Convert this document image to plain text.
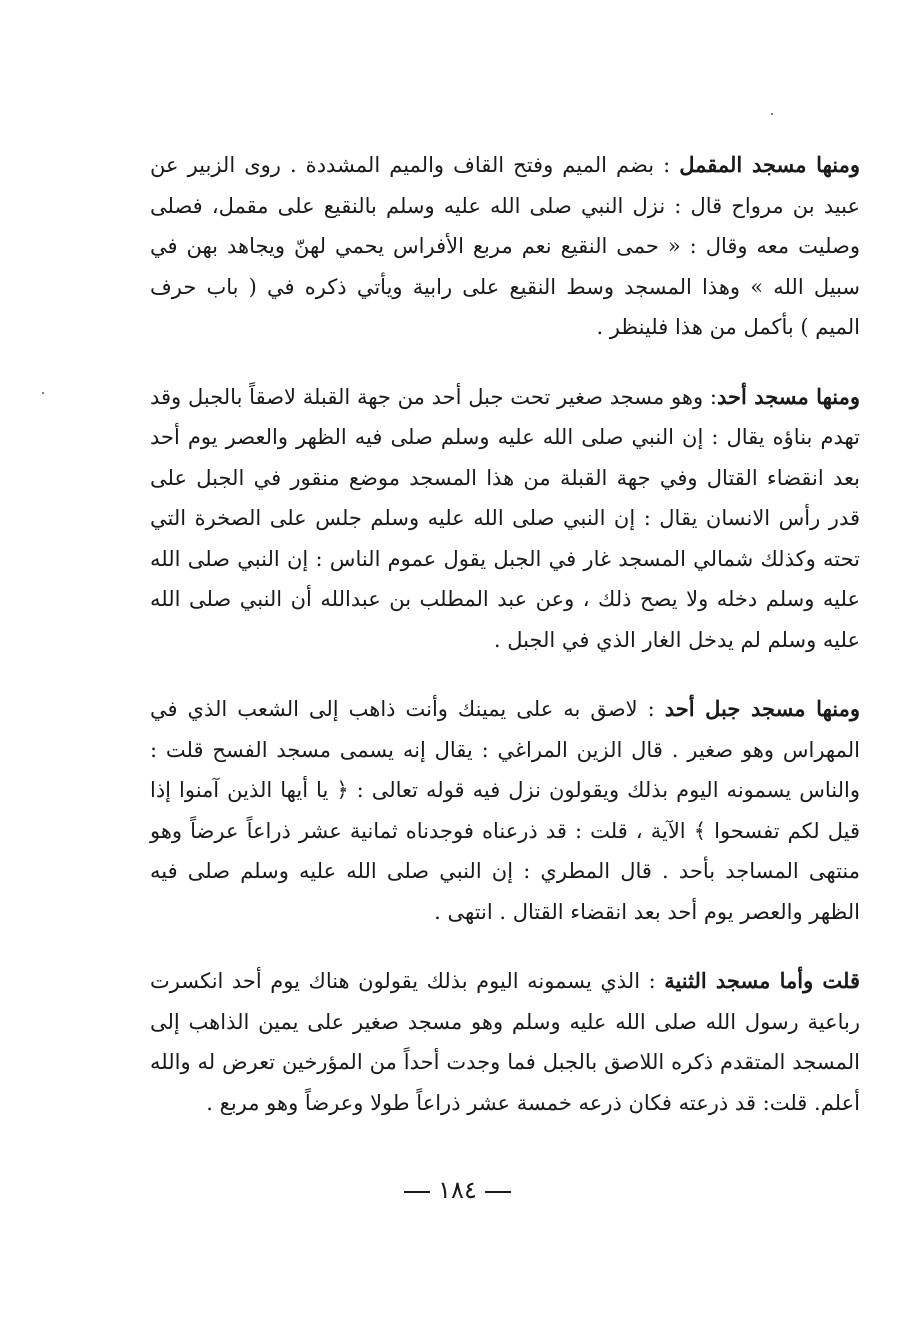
ومنها مسجد المقمل : بضم الميم وفتح القاف والميم المشددة . روى الزبير عن عبيد بن مرواح قال : نزل النبي صلى الله عليه وسلم بالنقيع على مقمل، فصلى وصليت معه وقال : « حمى النقيع نعم مربع الأفراس يحمي لهنّ ويجاهد بهن في سبيل الله » وهذا المسجد وسط النقيع على رابية ويأتي ذكره في ( باب حرف الميم ) بأكمل من هذا فلينظر .

ومنها مسجد أحد: وهو مسجد صغير تحت جبل أحد من جهة القبلة لاصقاً بالجبل وقد تهدم بناؤه يقال : إن النبي صلى الله عليه وسلم صلى فيه الظهر والعصر يوم أحد بعد انقضاء القتال وفي جهة القبلة من هذا المسجد موضع منقور في الجبل على قدر رأس الانسان يقال : إن النبي صلى الله عليه وسلم جلس على الصخرة التي تحته وكذلك شمالي المسجد غار في الجبل يقول عموم الناس : إن النبي صلى الله عليه وسلم دخله ولا يصح ذلك ، وعن عبد المطلب بن عبدالله أن النبي صلى الله عليه وسلم لم يدخل الغار الذي في الجبل .

ومنها مسجد جبل أحد : لاصق به على يمينك وأنت ذاهب إلى الشعب الذي في المهراس وهو صغير . قال الزين المراغي : يقال إنه يسمى مسجد الفسح قلت : والناس يسمونه اليوم بذلك ويقولون نزل فيه قوله تعالى : ﴿ يا أيها الذين آمنوا إذا قيل لكم تفسحوا ﴾ الآية ، قلت : قد ذرعناه فوجدناه ثمانية عشر ذراعاً عرضاً وهو منتهى المساجد بأحد . قال المطري : إن النبي صلى الله عليه وسلم صلى فيه الظهر والعصر يوم أحد بعد انقضاء القتال . انتهى .

قلت وأما مسجد الثنية : الذي يسمونه اليوم بذلك يقولون هناك يوم أحد انكسرت رباعية رسول الله صلى الله عليه وسلم وهو مسجد صغير على يمين الذاهب إلى المسجد المتقدم ذكره اللاصق بالجبل فما وجدت أحداً من المؤرخين تعرض له والله أعلم. قلت: قد ذرعته فكان ذرعه خمسة عشر ذراعاً طولا وعرضاً وهو مربع .

١٨٤
